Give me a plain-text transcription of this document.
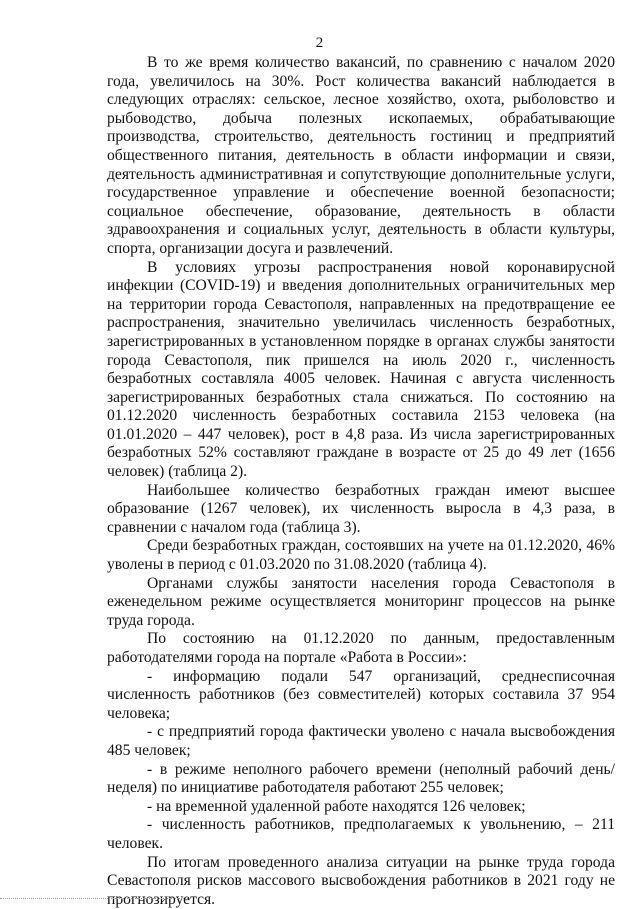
2

В то же время количество вакансий, по сравнению с началом 2020 года, увеличилось на 30%. Рост количества вакансий наблюдается в следующих отраслях: сельское, лесное хозяйство, охота, рыболовство и рыбоводство, добыча полезных ископаемых, обрабатывающие производства, строительство, деятельность гостиниц и предприятий общественного питания, деятельность в области информации и связи, деятельность административная и сопутствующие дополнительные услуги, государственное управление и обеспечение военной безопасности; социальное обеспечение, образование, деятельность в области здравоохранения и социальных услуг, деятельность в области культуры, спорта, организации досуга и развлечений.

В условиях угрозы распространения новой коронавирусной инфекции (COVID-19) и введения дополнительных ограничительных мер на территории города Севастополя, направленных на предотвращение ее распространения, значительно увеличилась численность безработных, зарегистрированных в установленном порядке в органах службы занятости города Севастополя, пик пришелся на июль 2020 г., численность безработных составляла 4005 человек. Начиная с августа численность зарегистрированных безработных стала снижаться. По состоянию на 01.12.2020 численность безработных составила 2153 человека (на 01.01.2020 – 447 человек), рост в 4,8 раза. Из числа зарегистрированных безработных 52% составляют граждане в возрасте от 25 до 49 лет (1656 человек) (таблица 2).

Наибольшее количество безработных граждан имеют высшее образование (1267 человек), их численность выросла в 4,3 раза, в сравнении с началом года (таблица 3).

Среди безработных граждан, состоявших на учете на 01.12.2020, 46% уволены в период с 01.03.2020 по 31.08.2020 (таблица 4).

Органами службы занятости населения города Севастополя в еженедельном режиме осуществляется мониторинг процессов на рынке труда города.

По состоянию на 01.12.2020 по данным, предоставленным работодателями города на портале «Работа в России»:

- информацию подали 547 организаций, среднесписочная численность работников (без совместителей) которых составила 37 954 человека;

- с предприятий города фактически уволено с начала высвобождения 485 человек;

- в режиме неполного рабочего времени (неполный рабочий день/неделя) по инициативе работодателя работают 255 человек;

- на временной удаленной работе находятся 126 человек;

- численность работников, предполагаемых к увольнению, – 211 человек.

По итогам проведенного анализа ситуации на рынке труда города Севастополя рисков массового высвобождения работников в 2021 году не прогнозируется.
